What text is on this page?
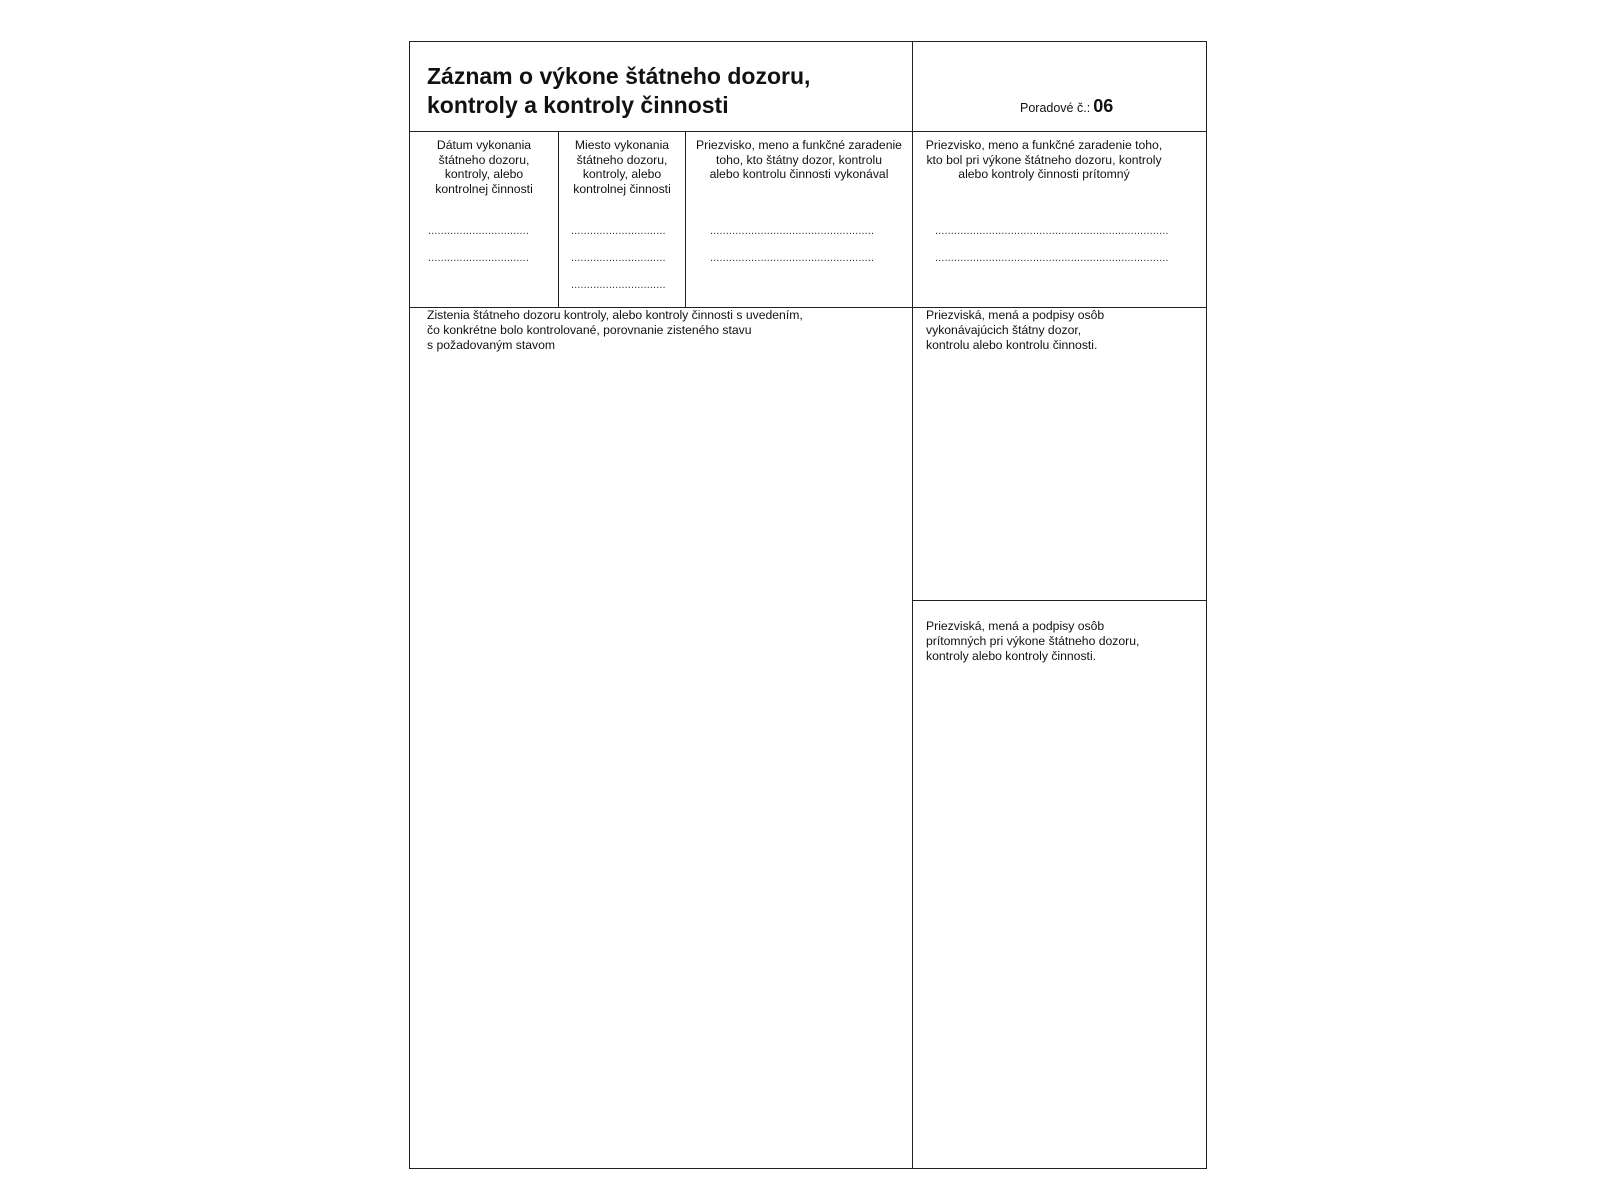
Záznam o výkone štátneho dozoru,
kontroly a kontroly činnosti	Poradové č.: 06
Dátum vykonania
štátneho dozoru,
kontroly, alebo
kontrolnej činnosti
................................
................................
Miesto vykonania
štátneho dozoru,
kontroly, alebo
kontrolnej činnosti
..............................
..............................
..............................
Priezvisko, meno a funkčné zaradenie
toho, kto štátny dozor, kontrolu
alebo kontrolu činnosti vykonával
....................................................
....................................................
Priezvisko, meno a funkčné zaradenie toho,
kto bol pri výkone štátneho dozoru, kontroly
alebo kontroly činnosti prítomný
..........................................................................
..........................................................................
Zistenia štátneho dozoru kontroly, alebo kontroly činnosti s uvedením,
čo konkrétne bolo kontrolované, porovnanie zisteného stavu
s požadovaným stavom
Priezviská, mená a podpisy osôb
vykonávajúcich štátny dozor,
kontrolu alebo kontrolu činnosti.
Priezviská, mená a podpisy osôb
prítomných pri výkone štátneho dozoru,
kontroly alebo kontroly činnosti.
